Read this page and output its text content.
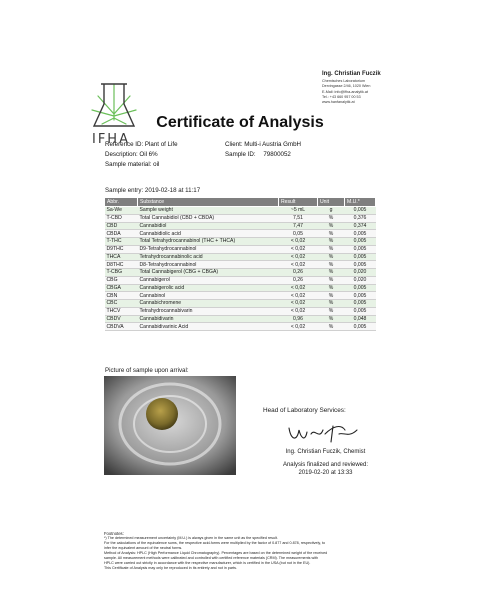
IFHA
Ing. Christian Fuczik
Chemisches Laboratorium
Dervingasse 2/46, 1020 Wien
E-Mail: info@ifha-analytik.at
Tel.: +43 660 957 00 53
www.hanfanalytik.at
Certificate of Analysis
Reference ID: Plant of Life
Description: Oil 6%
Sample material: oil
Client: Multi-i Austria GmbH
Sample ID: 79800052
Sample entry: 2019-02-18 at 11:17
Abbr.	Substance	Result	Unit	M.U.*
Sa-We	Sample weight	~5 mL	g	0,005
T-CBD	Total Cannabidiol (CBD + CBDA)	7,51	%	0,376
CBD	Cannabidiol	7,47	%	0,374
CBDA	Cannabidiolic acid	0,05	%	0,005
T-THC	Total Tetrahydrocannabinol (THC + THCA)	< 0,02	%	0,005
D9THC	D9-Tetrahydrocannabinol	< 0,02	%	0,005
THCA	Tetrahydrocannabinolic acid	< 0,02	%	0,005
D8THC	D8-Tetrahydrocannabinol	< 0,02	%	0,005
T-CBG	Total Cannabigerol (CBG + CBGA)	0,26	%	0,020
CBG	Cannabigerol	0,26	%	0,020
CBGA	Cannabigerolic acid	< 0,02	%	0,005
CBN	Cannabinol	< 0,02	%	0,005
CBC	Cannabichromene	< 0,02	%	0,005
THCV	Tetrahydrocannabivarin	< 0,02	%	0,005
CBDV	Cannabidivarin	0,96	%	0,048
CBDVA	Cannabidivarinic Acid	< 0,02	%	0,005
Picture of sample upon arrival:
Head of Laboratory Services:
Ing. Christian Fuczik, Chemist
Analysis finalized and reviewed:
2019-02-20 at 13:33
Footnotes:
*) The determined measurement uncertainty (M.U.) is always given in the same unit as the specified result.
For the calculations of the equivalence sums, the respective acid-forms were multiplied by the factor of 0.877 and 0.878, respectively, to
infer the equivalent amount of the neutral forms.
Method of Analysis: HPLC (High Performance Liquid Chromatography). Percentages are based on the determined weight of the received
sample. All measurement methods were calibrated and controlled with certified reference materials (CRM). The measurements with
HPLC were carried out strictly in accordance with the respective manufacturer, which is certified in the USA (but not in the EU).
This Certificate of Analysis may only be reproduced in its entirety and not in parts.
